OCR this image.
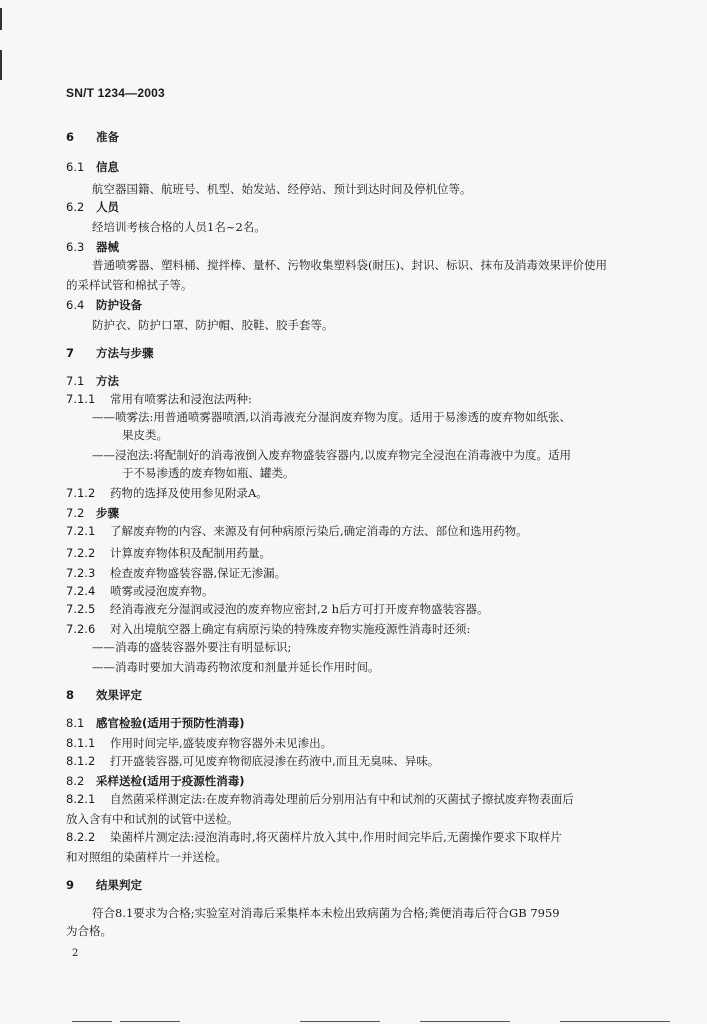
SN/T 1234—2003
6 准备
6.1 信息
航空器国籍、航班号、机型、始发站、经停站、预计到达时间及停机位等。
6.2 人员
经培训考核合格的人员1名~2名。
6.3 器械
普通喷雾器、塑料桶、搅拌棒、量杯、污物收集塑料袋(耐压)、封识、标识、抹布及消毒效果评价使用
的采样试管和棉拭子等。
6.4 防护设备
防护衣、防护口罩、防护帽、胶鞋、胶手套等。
7 方法与步骤
7.1 方法
7.1.1 常用有喷雾法和浸泡法两种:
——喷雾法:用普通喷雾器喷洒,以消毒液充分湿润废弃物为度。适用于易渗透的废弃物如纸张、
果皮类。
——浸泡法:将配制好的消毒液倒入废弃物盛装容器内,以废弃物完全浸泡在消毒液中为度。适用
于不易渗透的废弃物如瓶、罐类。
7.1.2 药物的选择及使用参见附录A。
7.2 步骤
7.2.1 了解废弃物的内容、来源及有何种病原污染后,确定消毒的方法、部位和选用药物。
7.2.2 计算废弃物体积及配制用药量。
7.2.3 检查废弃物盛装容器,保证无渗漏。
7.2.4 喷雾或浸泡废弃物。
7.2.5 经消毒液充分湿润或浸泡的废弃物应密封,2 h后方可打开废弃物盛装容器。
7.2.6 对入出境航空器上确定有病原污染的特殊废弃物实施疫源性消毒时还须:
——消毒的盛装容器外要注有明显标识;
——消毒时要加大消毒药物浓度和剂量并延长作用时间。
8 效果评定
8.1 感官检验(适用于预防性消毒)
8.1.1 作用时间完毕,盛装废弃物容器外未见渗出。
8.1.2 打开盛装容器,可见废弃物彻底浸渗在药液中,而且无臭味、异味。
8.2 采样送检(适用于疫源性消毒)
8.2.1 自然菌采样测定法:在废弃物消毒处理前后分别用沾有中和试剂的灭菌拭子擦拭废弃物表面后
放入含有中和试剂的试管中送检。
8.2.2 染菌样片测定法:浸泡消毒时,将灭菌样片放入其中,作用时间完毕后,无菌操作要求下取样片
和对照组的染菌样片一并送检。
9 结果判定
符合8.1要求为合格;实验室对消毒后采集样本未检出致病菌为合格;粪便消毒后符合GB 7959
为合格。
2
